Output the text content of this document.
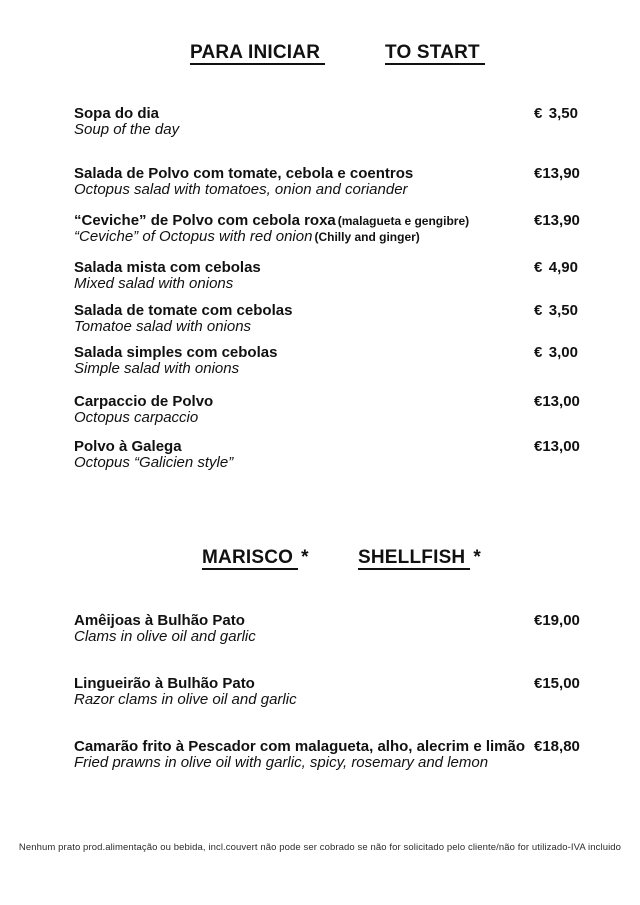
PARA INICIAR	TO START
Sopa do dia
Soup of the day
€ 3,50
Salada de Polvo com tomate, cebola e coentros
Octopus salad with tomatoes, onion and coriander
€ 13,90
“Ceviche” de Polvo com cebola roxa (malagueta e gengibre)
“Ceviche” of Octopus with red onion (Chilly and ginger)
€ 13,90
Salada mista com cebolas
Mixed salad with onions
€ 4,90
Salada de tomate com cebolas
Tomatoe salad with onions
€ 3,50
Salada simples com cebolas
Simple salad with onions
€ 3,00
Carpaccio de Polvo
Octopus carpaccio
€ 13,00
Polvo à Galega
Octopus “Galicien style”
€ 13,00
MARISCO *	SHELLFISH *
Amêijoas à Bulhão Pato
Clams in olive oil and garlic
€ 19,00
Lingueirão à Bulhão Pato
Razor clams in olive oil and garlic
€ 15,00
Camarão frito à Pescador com malagueta, alho, alecrim e limão
Fried prawns in olive oil with garlic, spicy, rosemary and lemon
€ 18,80
Nenhum prato prod.alimentação ou bebida, incl.couvert não pode ser cobrado se não for solicitado pelo cliente/não for utilizado-IVA incluido
